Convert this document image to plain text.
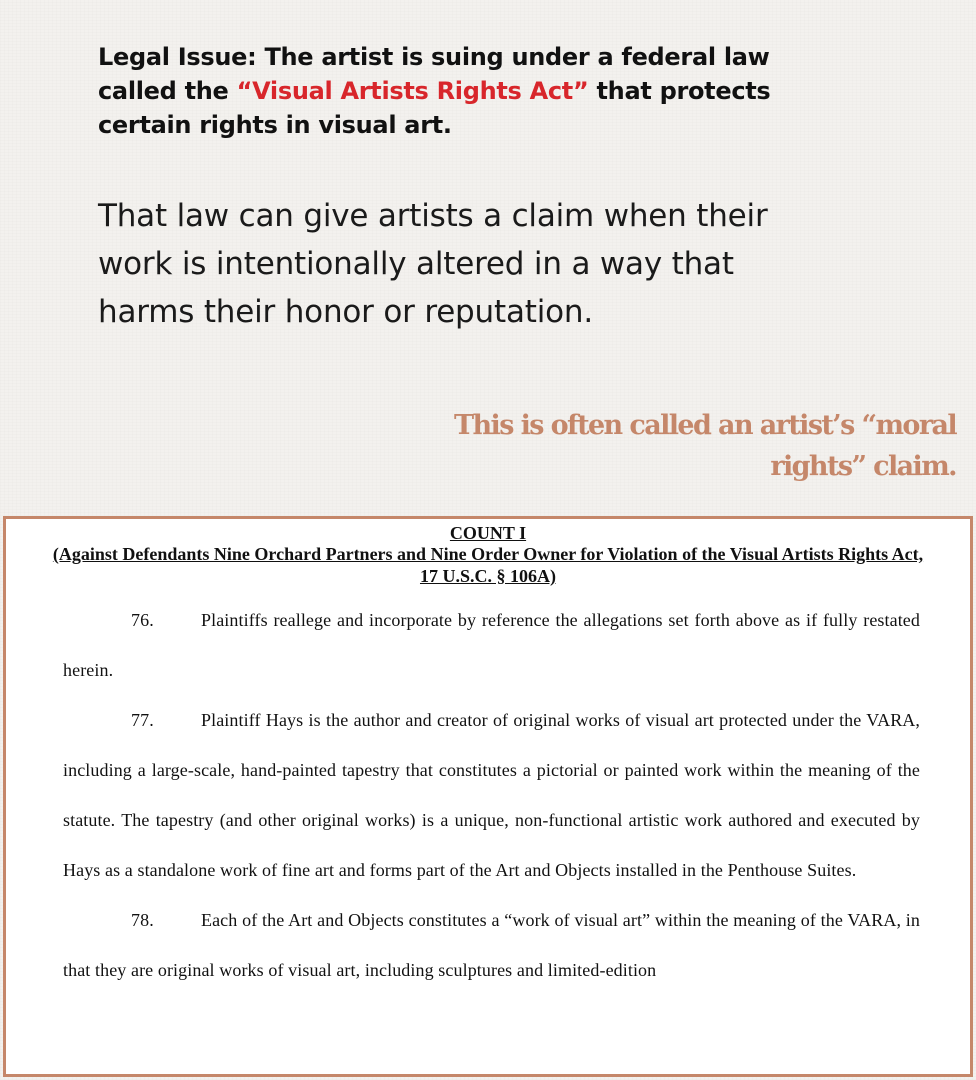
Legal Issue: The artist is suing under a federal law called the “Visual Artists Rights Act” that protects certain rights in visual art.
That law can give artists a claim when their work is intentionally altered in a way that harms their honor or reputation.
This is often called an artist’s “moral rights” claim.
COUNT I
(Against Defendants Nine Orchard Partners and Nine Order Owner for Violation of the Visual Artists Rights Act, 17 U.S.C. § 106A)
76.	Plaintiffs reallege and incorporate by reference the allegations set forth above as if fully restated herein.
77.	Plaintiff Hays is the author and creator of original works of visual art protected under the VARA, including a large-scale, hand-painted tapestry that constitutes a pictorial or painted work within the meaning of the statute. The tapestry (and other original works) is a unique, non-functional artistic work authored and executed by Hays as a standalone work of fine art and forms part of the Art and Objects installed in the Penthouse Suites.
78.	Each of the Art and Objects constitutes a “work of visual art” within the meaning of the VARA, in that they are original works of visual art, including sculptures and limited-edition
